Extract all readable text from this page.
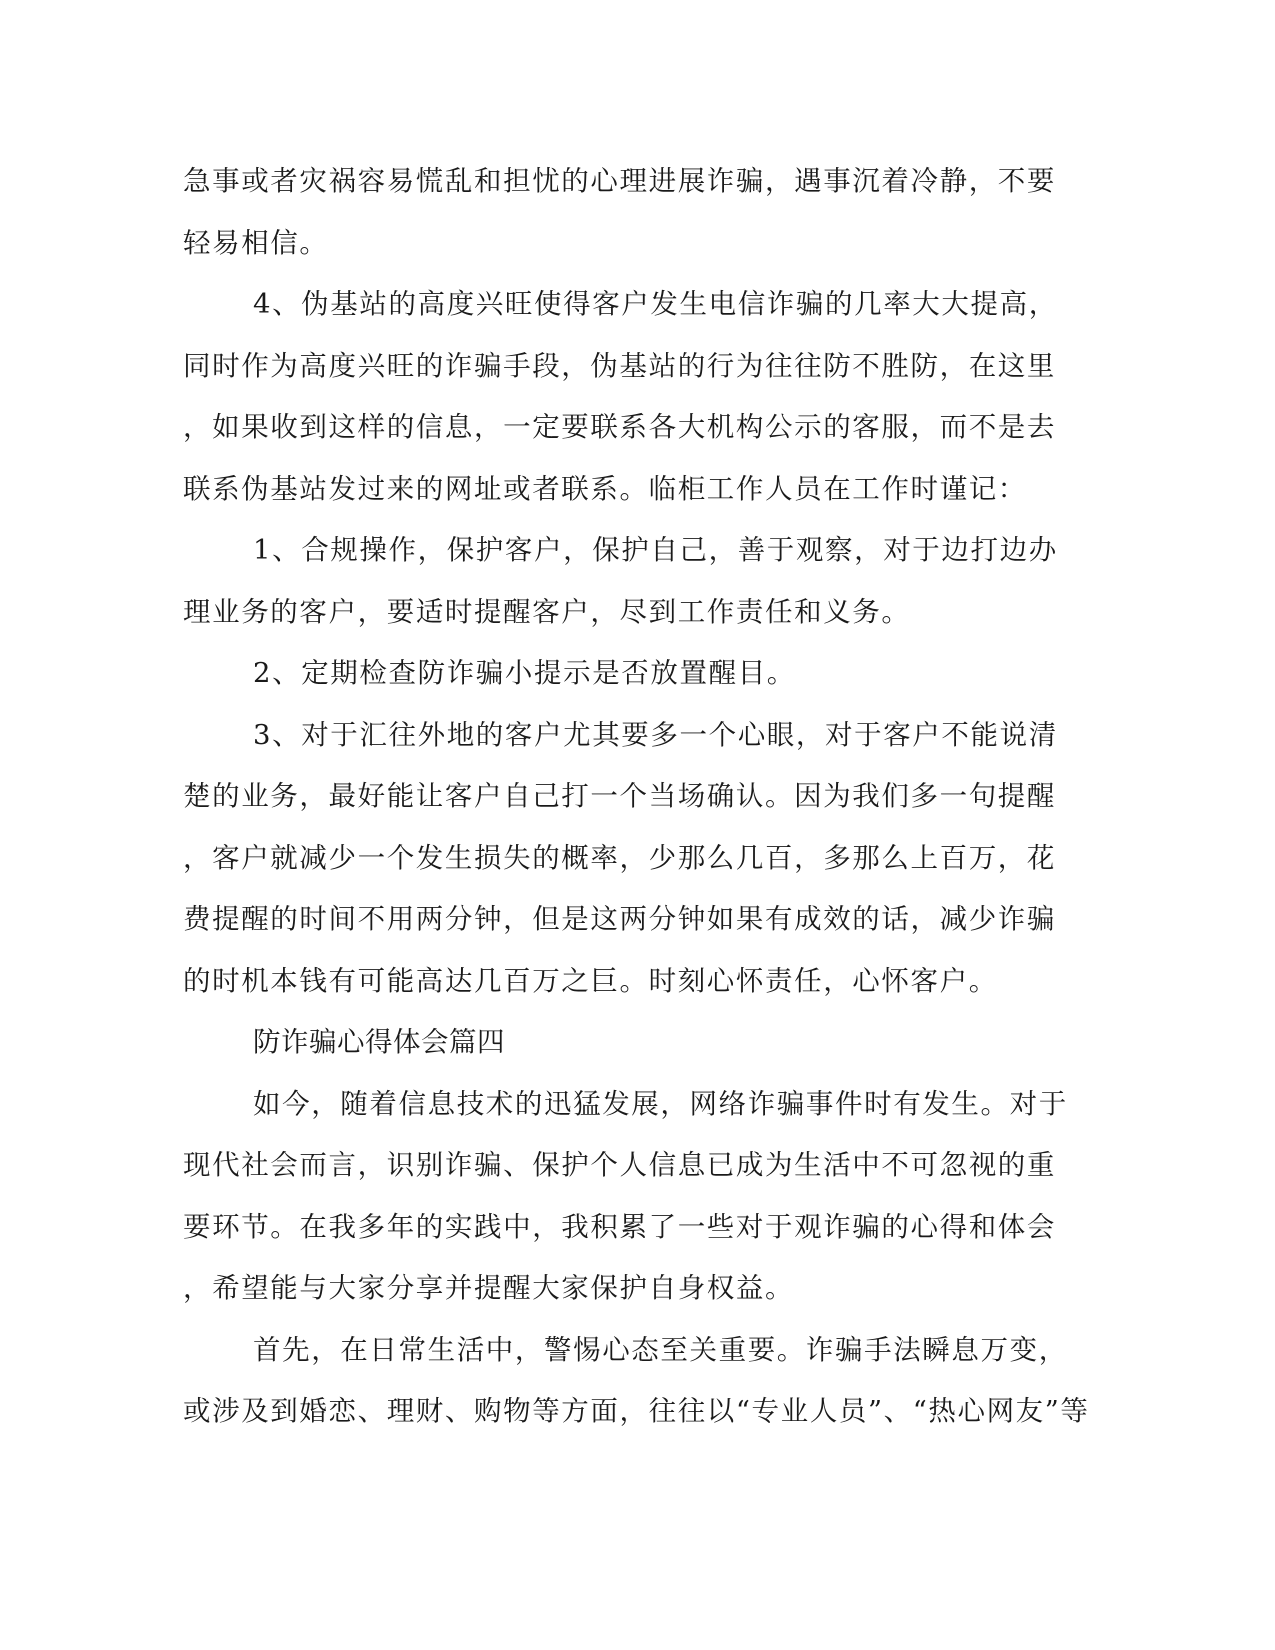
急事或者灾祸容易慌乱和担忧的心理进展诈骗，遇事沉着冷静，不要
轻易相信。
4、伪基站的高度兴旺使得客户发生电信诈骗的几率大大提高，
同时作为高度兴旺的诈骗手段，伪基站的行为往往防不胜防，在这里
，如果收到这样的信息，一定要联系各大机构公示的客服，而不是去
联系伪基站发过来的网址或者联系。临柜工作人员在工作时谨记：
1、合规操作，保护客户，保护自己，善于观察，对于边打边办
理业务的客户，要适时提醒客户，尽到工作责任和义务。
2、定期检查防诈骗小提示是否放置醒目。
3、对于汇往外地的客户尤其要多一个心眼，对于客户不能说清
楚的业务，最好能让客户自己打一个当场确认。因为我们多一句提醒
，客户就减少一个发生损失的概率，少那么几百，多那么上百万，花
费提醒的时间不用两分钟，但是这两分钟如果有成效的话，减少诈骗
的时机本钱有可能高达几百万之巨。时刻心怀责任，心怀客户。
防诈骗心得体会篇四
如今，随着信息技术的迅猛发展，网络诈骗事件时有发生。对于
现代社会而言，识别诈骗、保护个人信息已成为生活中不可忽视的重
要环节。在我多年的实践中，我积累了一些对于观诈骗的心得和体会
，希望能与大家分享并提醒大家保护自身权益。
首先，在日常生活中，警惕心态至关重要。诈骗手法瞬息万变，
或涉及到婚恋、理财、购物等方面，往往以“专业人员”、“热心网友”等
